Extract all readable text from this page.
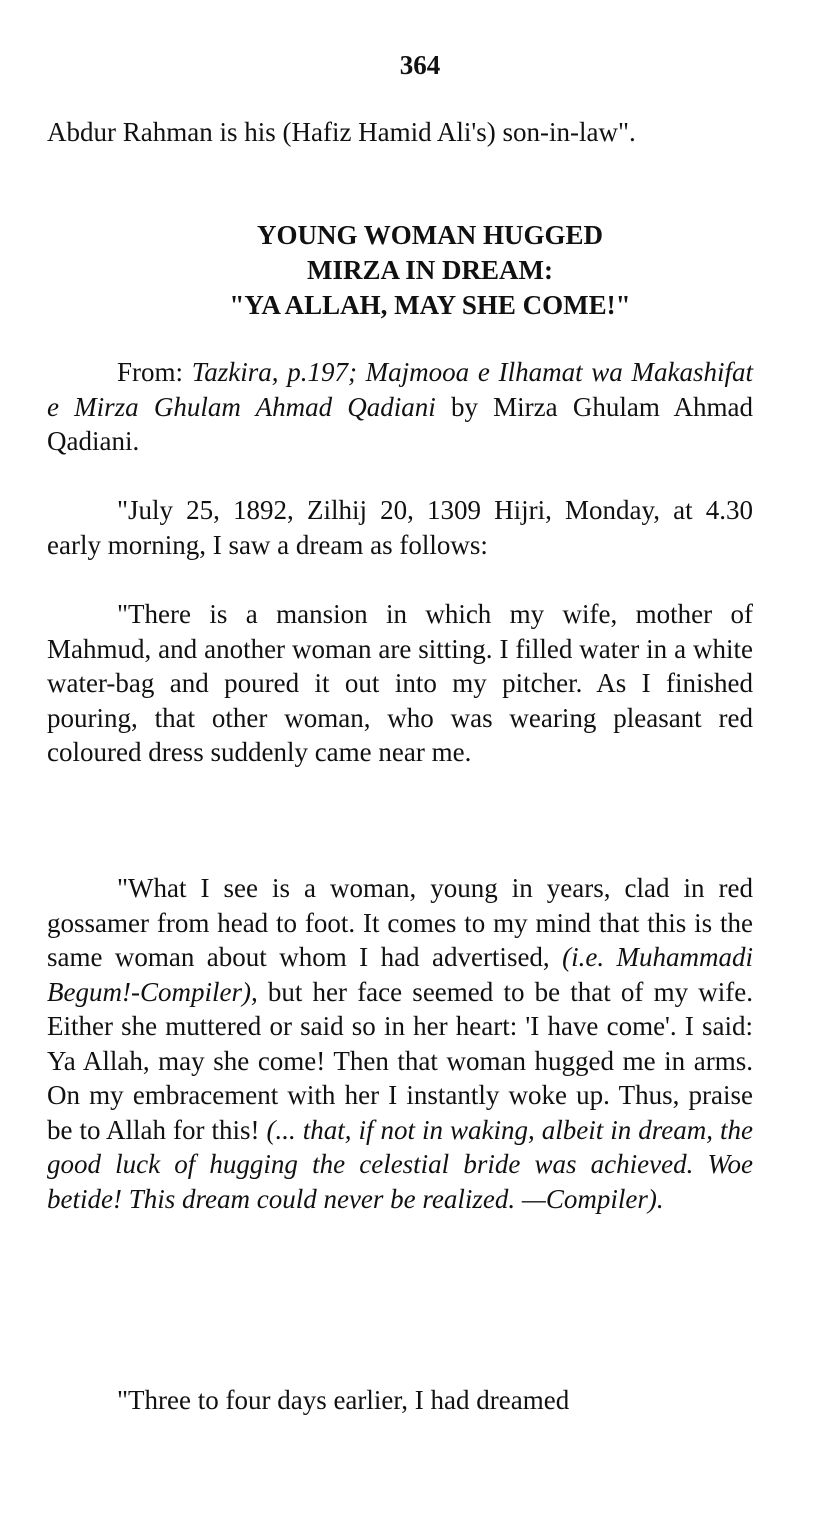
364

Abdur Rahman is his (Hafiz Hamid Ali's) son-in-law".

YOUNG WOMAN HUGGED
MIRZA IN DREAM:
"YA ALLAH, MAY SHE COME!"

From: Tazkira, p.197; Majmooa e Ilhamat wa Makashifat e Mirza Ghulam Ahmad Qadiani by Mirza Ghulam Ahmad Qadiani.

"July 25, 1892, Zilhij 20, 1309 Hijri, Monday, at 4.30 early morning, I saw a dream as follows:

"There is a mansion in which my wife, mother of Mahmud, and another woman are sitting. I filled water in a white water-bag and poured it out into my pitcher. As I finished pouring, that other woman, who was wearing pleasant red coloured dress suddenly came near me.

"What I see is a woman, young in years, clad in red gossamer from head to foot. It comes to my mind that this is the same woman about whom I had advertised, (i.e. Muhammadi Begum!-Compiler), but her face seemed to be that of my wife. Either she muttered or said so in her heart: 'I have come'. I said: Ya Allah, may she come! Then that woman hugged me in arms. On my embracement with her I instantly woke up. Thus, praise be to Allah for this! (... that, if not in waking, albeit in dream, the good luck of hugging the celestial bride was achieved. Woe betide! This dream could never be realized. —Compiler).

"Three to four days earlier, I had dreamed
